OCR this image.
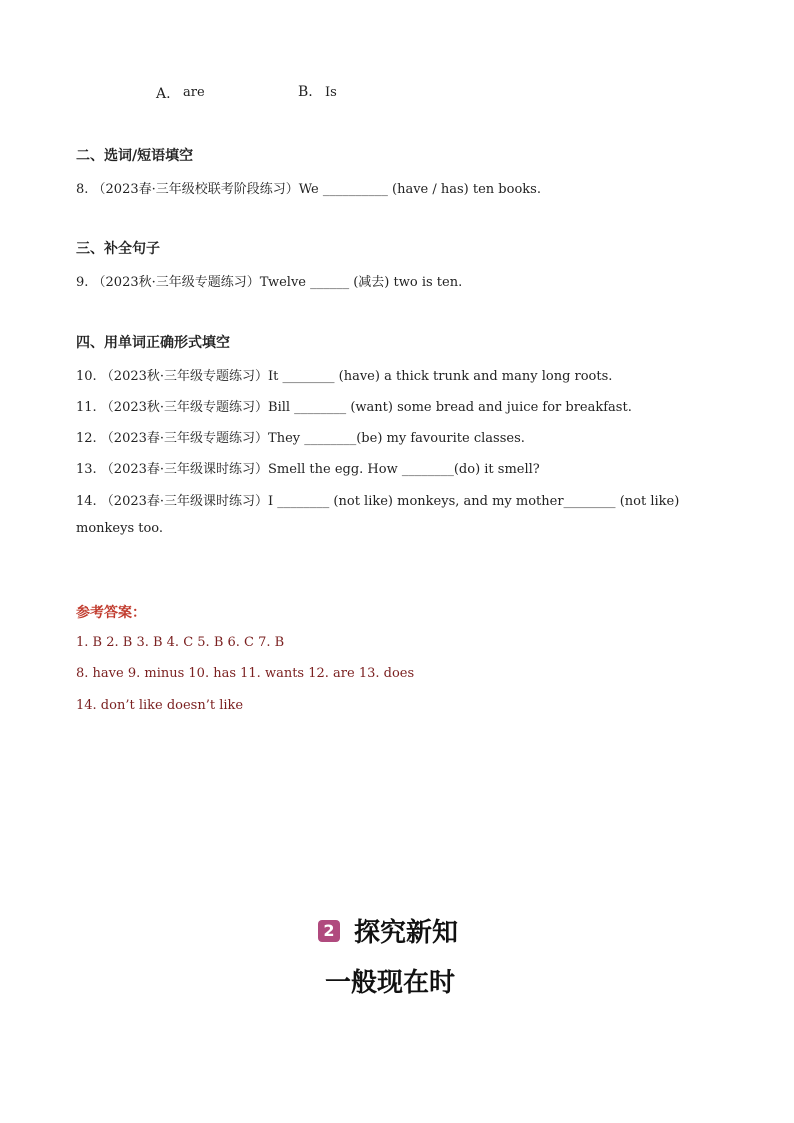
A. are	B. Is
二、选词/短语填空
8. （2023春·三年级校联考阶段练习）We __________ (have / has) ten books.
三、补全句子
9. （2023秋·三年级专题练习）Twelve ______ (减去) two is ten.
四、用单词正确形式填空
10. （2023秋·三年级专题练习）It ________ (have) a thick trunk and many long roots.
11. （2023秋·三年级专题练习）Bill ________ (want) some bread and juice for breakfast.
12. （2023春·三年级专题练习）They ________(be) my favourite classes.
13. （2023春·三年级课时练习）Smell the egg. How ________(do) it smell?
14. （2023春·三年级课时练习）I ________ (not like) monkeys, and my mother________ (not like)
monkeys too.
参考答案：
1. B 2. B 3. B 4. C 5. B 6. C 7. B
8. have 9. minus 10. has 11. wants 12. are 13. does
14. don’t like doesn’t like
2 探究新知
一般现在时
